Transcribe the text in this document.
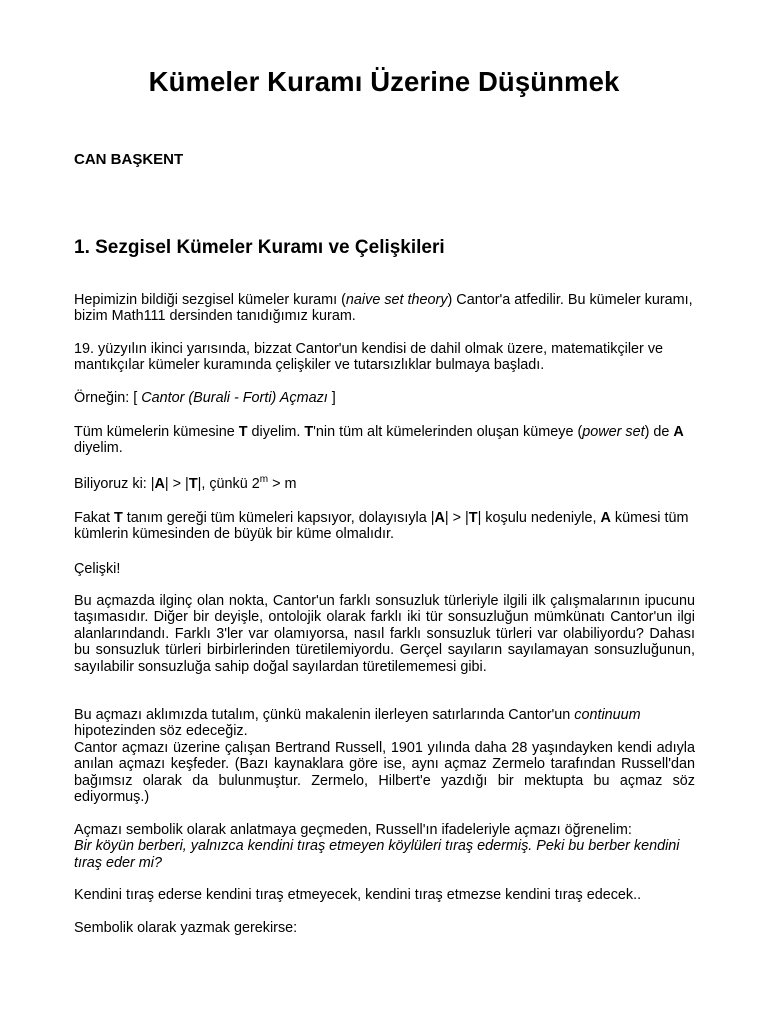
Kümeler Kuramı Üzerine Düşünmek

CAN BAŞKENT

1. Sezgisel Kümeler Kuramı ve Çelişkileri

Hepimizin bildiği sezgisel kümeler kuramı (naive set theory) Cantor'a atfedilir. Bu kümeler kuramı, bizim Math111 dersinden tanıdığımız kuram.

19. yüzyılın ikinci yarısında, bizzat Cantor'un kendisi de dahil olmak üzere, matematikçiler ve mantıkçılar kümeler kuramında çelişkiler ve tutarsızlıklar bulmaya başladı.

Örneğin: [ Cantor (Burali - Forti) Açmazı ]

Tüm kümelerin kümesine T diyelim. T'nin tüm alt kümelerinden oluşan kümeye (power set) de A diyelim.

Biliyoruz ki: |A| > |T|, çünkü $2^m > m$

Fakat T tanım gereği tüm kümeleri kapsıyor, dolayısıyla |A| > |T| koşulu nedeniyle, A kümesi tüm kümlerin kümesinden de büyük bir küme olmalıdır.

Çelişki!

Bu açmazda ilginç olan nokta, Cantor'un farklı sonsuzluk türleriyle ilgili ilk çalışmalarının ipucunu taşımasıdır. Diğer bir deyişle, ontolojik olarak farklı iki tür sonsuzluğun mümkünatı Cantor'un ilgi alanlarındandı. Farklı 3'ler var olamıyorsa, nasıl farklı sonsuzluk türleri var olabiliyordu? Dahası bu sonsuzluk türleri birbirlerinden türetilemiyordu. Gerçel sayıların sayılamayan sonsuzluğunun, sayılabilir sonsuzluğa sahip doğal sayılardan türetilememesi gibi.

Bu açmazı aklımızda tutalım, çünkü makalenin ilerleyen satırlarında Cantor'un continuum hipotezinden söz edeceğiz.

Cantor açmazı üzerine çalışan Bertrand Russell, 1901 yılında daha 28 yaşındayken kendi adıyla anılan açmazı keşfeder. (Bazı kaynaklara göre ise, aynı açmaz Zermelo tarafından Russell'dan bağımsız olarak da bulunmuştur. Zermelo, Hilbert'e yazdığı bir mektupta bu açmaz söz ediyormuş.)

Açmazı sembolik olarak anlatmaya geçmeden, Russell'ın ifadeleriyle açmazı öğrenelim:
Bir köyün berberi, yalnızca kendini tıraş etmeyen köylüleri tıraş edermiş. Peki bu berber kendini tıraş eder mi?

Kendini tıraş ederse kendini tıraş etmeyecek, kendini tıraş etmezse kendini tıraş edecek..

Sembolik olarak yazmak gerekirse:
